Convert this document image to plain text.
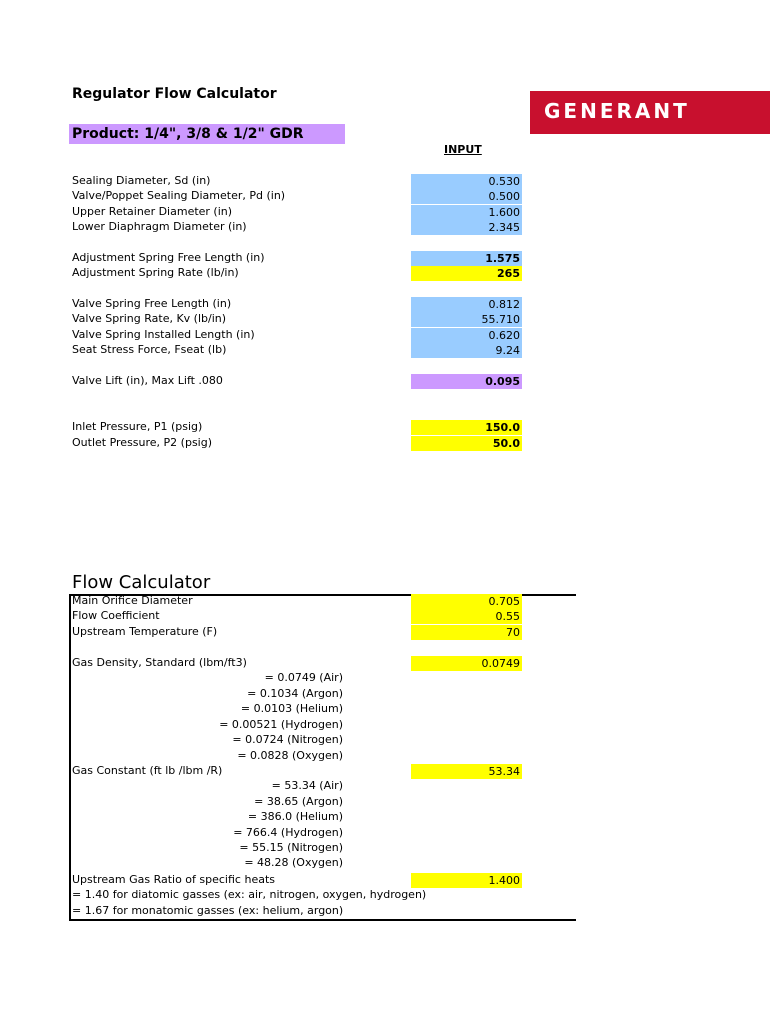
Regulator Flow Calculator
GENERANT
Product: 1/4", 3/8 & 1/2" GDR
INPUT
Sealing Diameter, Sd (in)	0.530
Valve/Poppet Sealing Diameter, Pd (in)	0.500
Upper Retainer Diameter (in)	1.600
Lower Diaphragm Diameter (in)	2.345
Adjustment Spring Free Length (in)	1.575
Adjustment Spring Rate (lb/in)	265
Valve Spring Free Length (in)	0.812
Valve Spring Rate, Kv (lb/in)	55.710
Valve Spring Installed Length (in)	0.620
Seat Stress Force, Fseat (lb)	9.24
Valve Lift (in), Max Lift .080	0.095
Inlet Pressure, P1 (psig)	150.0
Outlet Pressure, P2 (psig)	50.0
Flow Calculator
Main Orifice Diameter	0.705
Flow Coefficient	0.55
Upstream Temperature (F)	70
Gas Density, Standard (lbm/ft3)	0.0749
= 0.0749 (Air)
= 0.1034 (Argon)
= 0.0103 (Helium)
= 0.00521 (Hydrogen)
= 0.0724 (Nitrogen)
= 0.0828 (Oxygen)
Gas Constant (ft lb /lbm /R)	53.34
= 53.34 (Air)
= 38.65 (Argon)
= 386.0 (Helium)
= 766.4 (Hydrogen)
= 55.15 (Nitrogen)
= 48.28 (Oxygen)
Upstream Gas Ratio of specific heats	1.400
= 1.40 for diatomic gasses (ex: air, nitrogen, oxygen, hydrogen)
= 1.67 for monatomic gasses (ex: helium, argon)
